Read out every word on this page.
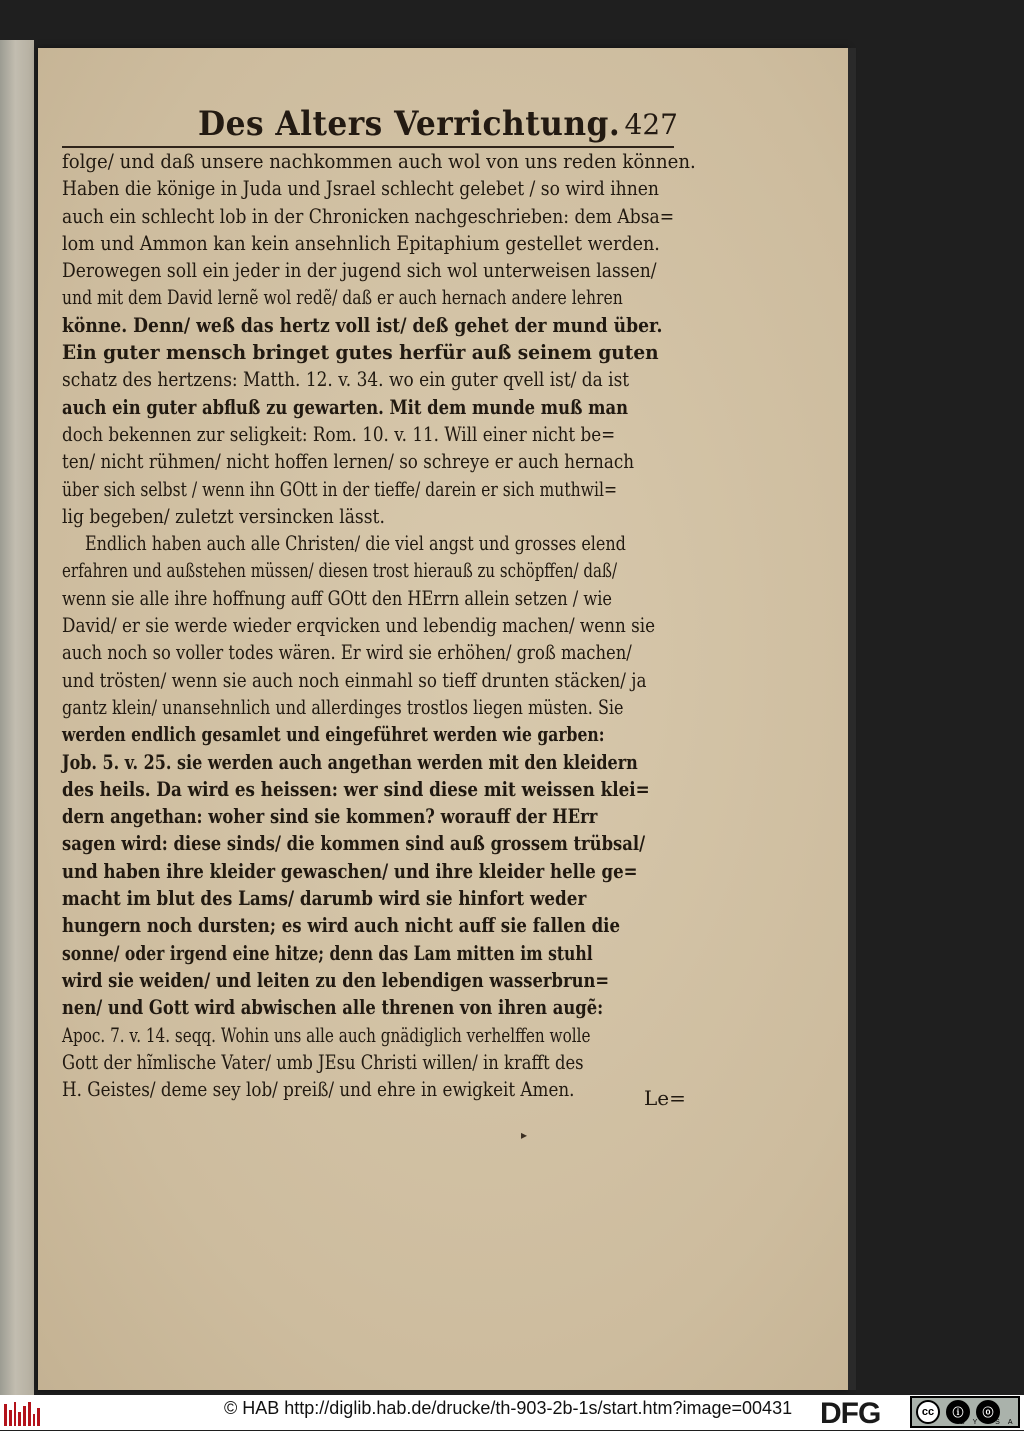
Des Alters Verrichtung. 427
folge/ und daß unsere nachkommen auch wol von uns reden können.
Haben die könige in Juda und Jsrael schlecht gelebet / so wird ihnen
auch ein schlecht lob in der Chronicken nachgeschrieben: dem Absa=
lom und Ammon kan kein ansehnlich Epitaphium gestellet werden.
Derowegen soll ein jeder in der jugend sich wol unterweisen lassen/
und mit dem David lernẽ wol redẽ/ daß er auch hernach andere lehren
könne. Denn/ weß das hertz voll ist/ deß gehet der mund über.
Ein guter mensch bringet gutes herfür auß seinem guten
schatz des hertzens: Matth. 12. v. 34. wo ein guter qvell ist/ da ist
auch ein guter abfluß zu gewarten. Mit dem munde muß man
doch bekennen zur seligkeit: Rom. 10. v. 11. Will einer nicht be=
ten/ nicht rühmen/ nicht hoffen lernen/ so schreye er auch hernach
über sich selbst / wenn ihn GOtt in der tieffe/ darein er sich muthwil=
lig begeben/ zuletzt versincken lässt.
Endlich haben auch alle Christen/ die viel angst und grosses elend
erfahren und außstehen müssen/ diesen trost hierauß zu schöpffen/ daß/
wenn sie alle ihre hoffnung auff GOtt den HErrn allein setzen / wie
David/ er sie werde wieder erqvicken und lebendig machen/ wenn sie
auch noch so voller todes wären. Er wird sie erhöhen/ groß machen/
und trösten/ wenn sie auch noch einmahl so tieff drunten stäcken/ ja
gantz klein/ unansehnlich und allerdinges trostlos liegen müsten. Sie
werden endlich gesamlet und eingeführet werden wie garben:
Job. 5. v. 25. sie werden auch angethan werden mit den kleidern
des heils. Da wird es heissen: wer sind diese mit weissen klei=
dern angethan: woher sind sie kommen? worauff der HErr
sagen wird: diese sinds/ die kommen sind auß grossem trübsal/
und haben ihre kleider gewaschen/ und ihre kleider helle ge=
macht im blut des Lams/ darumb wird sie hinfort weder
hungern noch dursten; es wird auch nicht auff sie fallen die
sonne/ oder irgend eine hitze; denn das Lam mitten im stuhl
wird sie weiden/ und leiten zu den lebendigen wasserbrun=
nen/ und Gott wird abwischen alle threnen von ihren augẽ:
Apoc. 7. v. 14. seqq. Wohin uns alle auch gnädiglich verhelffen wolle
Gott der hĩmlische Vater/ umb JEsu Christi willen/ in krafft des
H. Geistes/ deme sey lob/ preiß/ und ehre in ewigkeit Amen.	Le=
▸
© HAB http://diglib.hab.de/drucke/th-903-2b-1s/start.htm?image=00431 DFG	cc	ⓘ	ⓞ
BY SA
